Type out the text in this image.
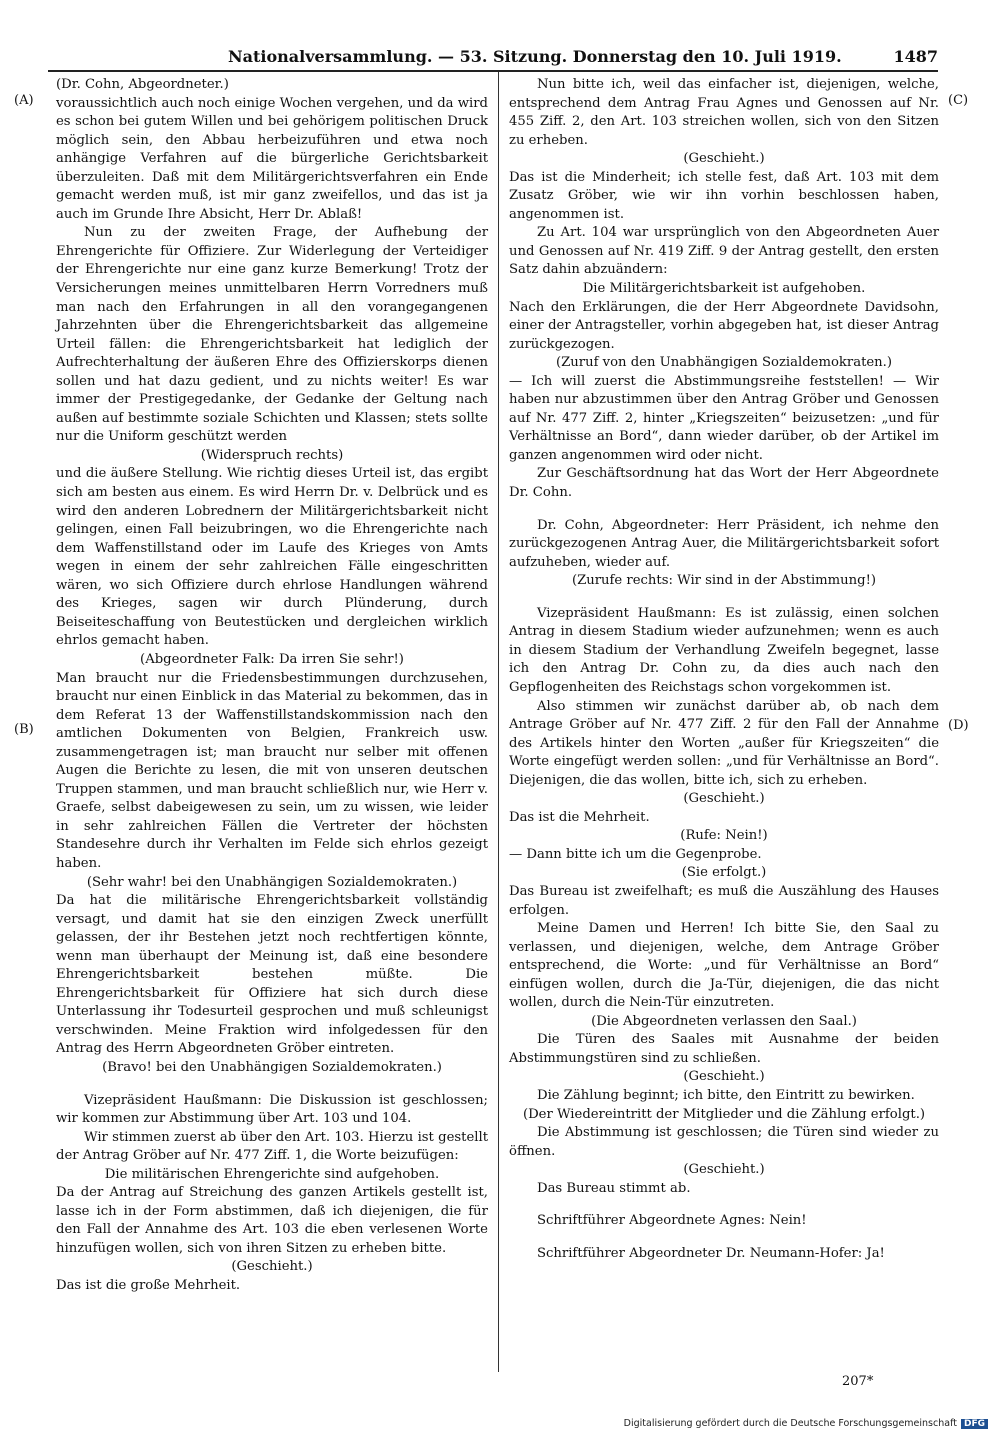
Nationalversammlung. — 53. Sitzung. Donnerstag den 10. Juli 1919.	1487
(A)
(B)
(C)
(D)

(Dr. Cohn, Abgeordneter.)

voraussichtlich auch noch einige Wochen vergehen, und da wird es schon bei gutem Willen und bei gehörigem politischen Druck möglich sein, den Abbau herbeizuführen und etwa noch anhängige Verfahren auf die bürgerliche Gerichtsbarkeit überzuleiten. Daß mit dem Militärgerichtsverfahren ein Ende gemacht werden muß, ist mir ganz zweifellos, und das ist ja auch im Grunde Ihre Absicht, Herr Dr. Ablaß!

Nun zu der zweiten Frage, der Aufhebung der Ehrengerichte für Offiziere. Zur Widerlegung der Verteidiger der Ehrengerichte nur eine ganz kurze Bemerkung! Trotz der Versicherungen meines unmittelbaren Herrn Vorredners muß man nach den Erfahrungen in all den vorangegangenen Jahrzehnten über die Ehrengerichtsbarkeit das allgemeine Urteil fällen: die Ehrengerichtsbarkeit hat lediglich der Aufrechterhaltung der äußeren Ehre des Offizierskorps dienen sollen und hat dazu gedient, und zu nichts weiter! Es war immer der Prestigegedanke, der Gedanke der Geltung nach außen auf bestimmte soziale Schichten und Klassen; stets sollte nur die Uniform geschützt werden

(Widerspruch rechts)

und die äußere Stellung. Wie richtig dieses Urteil ist, das ergibt sich am besten aus einem. Es wird Herrn Dr. v. Delbrück und es wird den anderen Lobrednern der Militärgerichtsbarkeit nicht gelingen, einen Fall beizubringen, wo die Ehrengerichte nach dem Waffenstillstand oder im Laufe des Krieges von Amts wegen in einem der sehr zahlreichen Fälle eingeschritten wären, wo sich Offiziere durch ehrlose Handlungen während des Krieges, sagen wir durch Plünderung, durch Beiseiteschaffung von Beutestücken und dergleichen wirklich ehrlos gemacht haben.

(Abgeordneter Falk: Da irren Sie sehr!)

Man braucht nur die Friedensbestimmungen durchzusehen, braucht nur einen Einblick in das Material zu bekommen, das in dem Referat 13 der Waffenstillstandskommission nach den amtlichen Dokumenten von Belgien, Frankreich usw. zusammengetragen ist; man braucht nur selber mit offenen Augen die Berichte zu lesen, die mit von unseren deutschen Truppen stammen, und man braucht schließlich nur, wie Herr v. Graefe, selbst dabeigewesen zu sein, um zu wissen, wie leider in sehr zahlreichen Fällen die Vertreter der höchsten Standesehre durch ihr Verhalten im Felde sich ehrlos gezeigt haben.

(Sehr wahr! bei den Unabhängigen Sozialdemokraten.)

Da hat die militärische Ehrengerichtsbarkeit vollständig versagt, und damit hat sie den einzigen Zweck unerfüllt gelassen, der ihr Bestehen jetzt noch rechtfertigen könnte, wenn man überhaupt der Meinung ist, daß eine besondere Ehrengerichtsbarkeit bestehen müßte. Die Ehrengerichtsbarkeit für Offiziere hat sich durch diese Unterlassung ihr Todesurteil gesprochen und muß schleunigst verschwinden. Meine Fraktion wird infolgedessen für den Antrag des Herrn Abgeordneten Gröber eintreten.

(Bravo! bei den Unabhängigen Sozialdemokraten.)

Vizepräsident Haußmann: Die Diskussion ist geschlossen; wir kommen zur Abstimmung über Art. 103 und 104.

Wir stimmen zuerst ab über den Art. 103. Hierzu ist gestellt der Antrag Gröber auf Nr. 477 Ziff. 1, die Worte beizufügen:

Die militärischen Ehrengerichte sind aufgehoben.

Da der Antrag auf Streichung des ganzen Artikels gestellt ist, lasse ich in der Form abstimmen, daß ich diejenigen, die für den Fall der Annahme des Art. 103 die eben verlesenen Worte hinzufügen wollen, sich von ihren Sitzen zu erheben bitte.

(Geschieht.)

Das ist die große Mehrheit.

Nun bitte ich, weil das einfacher ist, diejenigen, welche, entsprechend dem Antrag Frau Agnes und Genossen auf Nr. 455 Ziff. 2, den Art. 103 streichen wollen, sich von den Sitzen zu erheben.

(Geschieht.)

Das ist die Minderheit; ich stelle fest, daß Art. 103 mit dem Zusatz Gröber, wie wir ihn vorhin beschlossen haben, angenommen ist.

Zu Art. 104 war ursprünglich von den Abgeordneten Auer und Genossen auf Nr. 419 Ziff. 9 der Antrag gestellt, den ersten Satz dahin abzuändern:

Die Militärgerichtsbarkeit ist aufgehoben.

Nach den Erklärungen, die der Herr Abgeordnete Davidsohn, einer der Antragsteller, vorhin abgegeben hat, ist dieser Antrag zurückgezogen.

(Zuruf von den Unabhängigen Sozialdemokraten.)

— Ich will zuerst die Abstimmungsreihe feststellen! — Wir haben nur abzustimmen über den Antrag Gröber und Genossen auf Nr. 477 Ziff. 2, hinter „Kriegszeiten“ beizusetzen: „und für Verhältnisse an Bord“, dann wieder darüber, ob der Artikel im ganzen angenommen wird oder nicht.

Zur Geschäftsordnung hat das Wort der Herr Abgeordnete Dr. Cohn.

Dr. Cohn, Abgeordneter: Herr Präsident, ich nehme den zurückgezogenen Antrag Auer, die Militärgerichtsbarkeit sofort aufzuheben, wieder auf.

(Zurufe rechts: Wir sind in der Abstimmung!)

Vizepräsident Haußmann: Es ist zulässig, einen solchen Antrag in diesem Stadium wieder aufzunehmen; wenn es auch in diesem Stadium der Verhandlung Zweifeln begegnet, lasse ich den Antrag Dr. Cohn zu, da dies auch nach den Gepflogenheiten des Reichstags schon vorgekommen ist.

Also stimmen wir zunächst darüber ab, ob nach dem Antrage Gröber auf Nr. 477 Ziff. 2 für den Fall der Annahme des Artikels hinter den Worten „außer für Kriegszeiten“ die Worte eingefügt werden sollen: „und für Verhältnisse an Bord“. Diejenigen, die das wollen, bitte ich, sich zu erheben.

(Geschieht.)

Das ist die Mehrheit.

(Rufe: Nein!)

— Dann bitte ich um die Gegenprobe.

(Sie erfolgt.)

Das Bureau ist zweifelhaft; es muß die Auszählung des Hauses erfolgen.

Meine Damen und Herren! Ich bitte Sie, den Saal zu verlassen, und diejenigen, welche, dem Antrage Gröber entsprechend, die Worte: „und für Verhältnisse an Bord“ einfügen wollen, durch die Ja-Tür, diejenigen, die das nicht wollen, durch die Nein-Tür einzutreten.

(Die Abgeordneten verlassen den Saal.)

Die Türen des Saales mit Ausnahme der beiden Abstimmungstüren sind zu schließen.

(Geschieht.)

Die Zählung beginnt; ich bitte, den Eintritt zu bewirken.

(Der Wiedereintritt der Mitglieder und die Zählung erfolgt.)

Die Abstimmung ist geschlossen; die Türen sind wieder zu öffnen.

(Geschieht.)

Das Bureau stimmt ab.

Schriftführer Abgeordnete Agnes: Nein!

Schriftführer Abgeordneter Dr. Neumann-Hofer: Ja!

207*
Digitalisierung gefördert durch die Deutsche Forschungsgemeinschaft DFG
